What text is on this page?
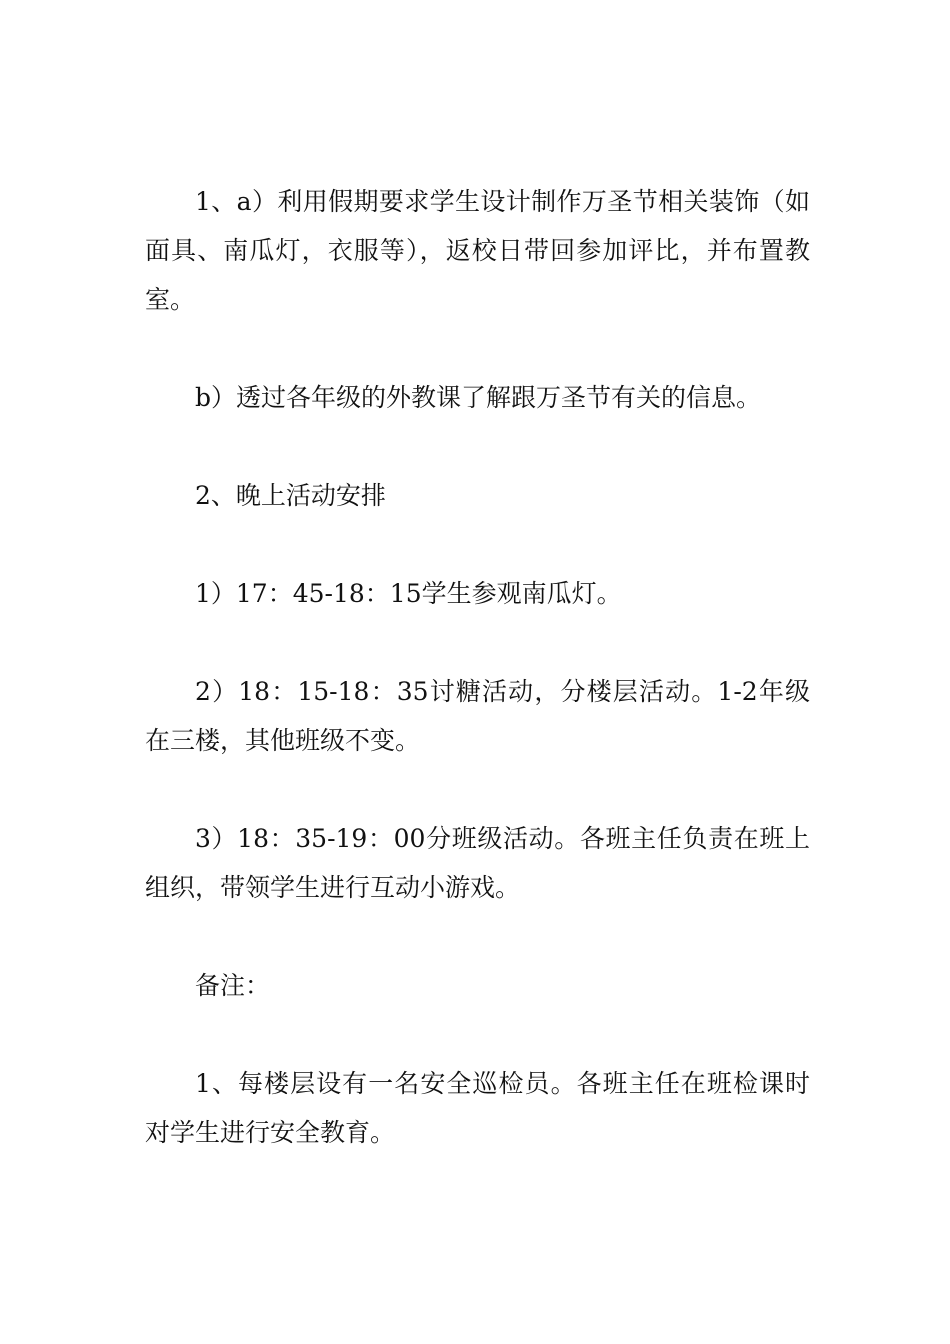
1、a）利用假期要求学生设计制作万圣节相关装饰（如面具、南瓜灯，衣服等），返校日带回参加评比，并布置教室。

b）透过各年级的外教课了解跟万圣节有关的信息。

2、晚上活动安排

1）17：45-18：15学生参观南瓜灯。

2）18：15-18：35讨糖活动，分楼层活动。1-2年级在三楼，其他班级不变。

3）18：35-19：00分班级活动。各班主任负责在班上组织，带领学生进行互动小游戏。

备注：

1、每楼层设有一名安全巡检员。各班主任在班检课时对学生进行安全教育。
